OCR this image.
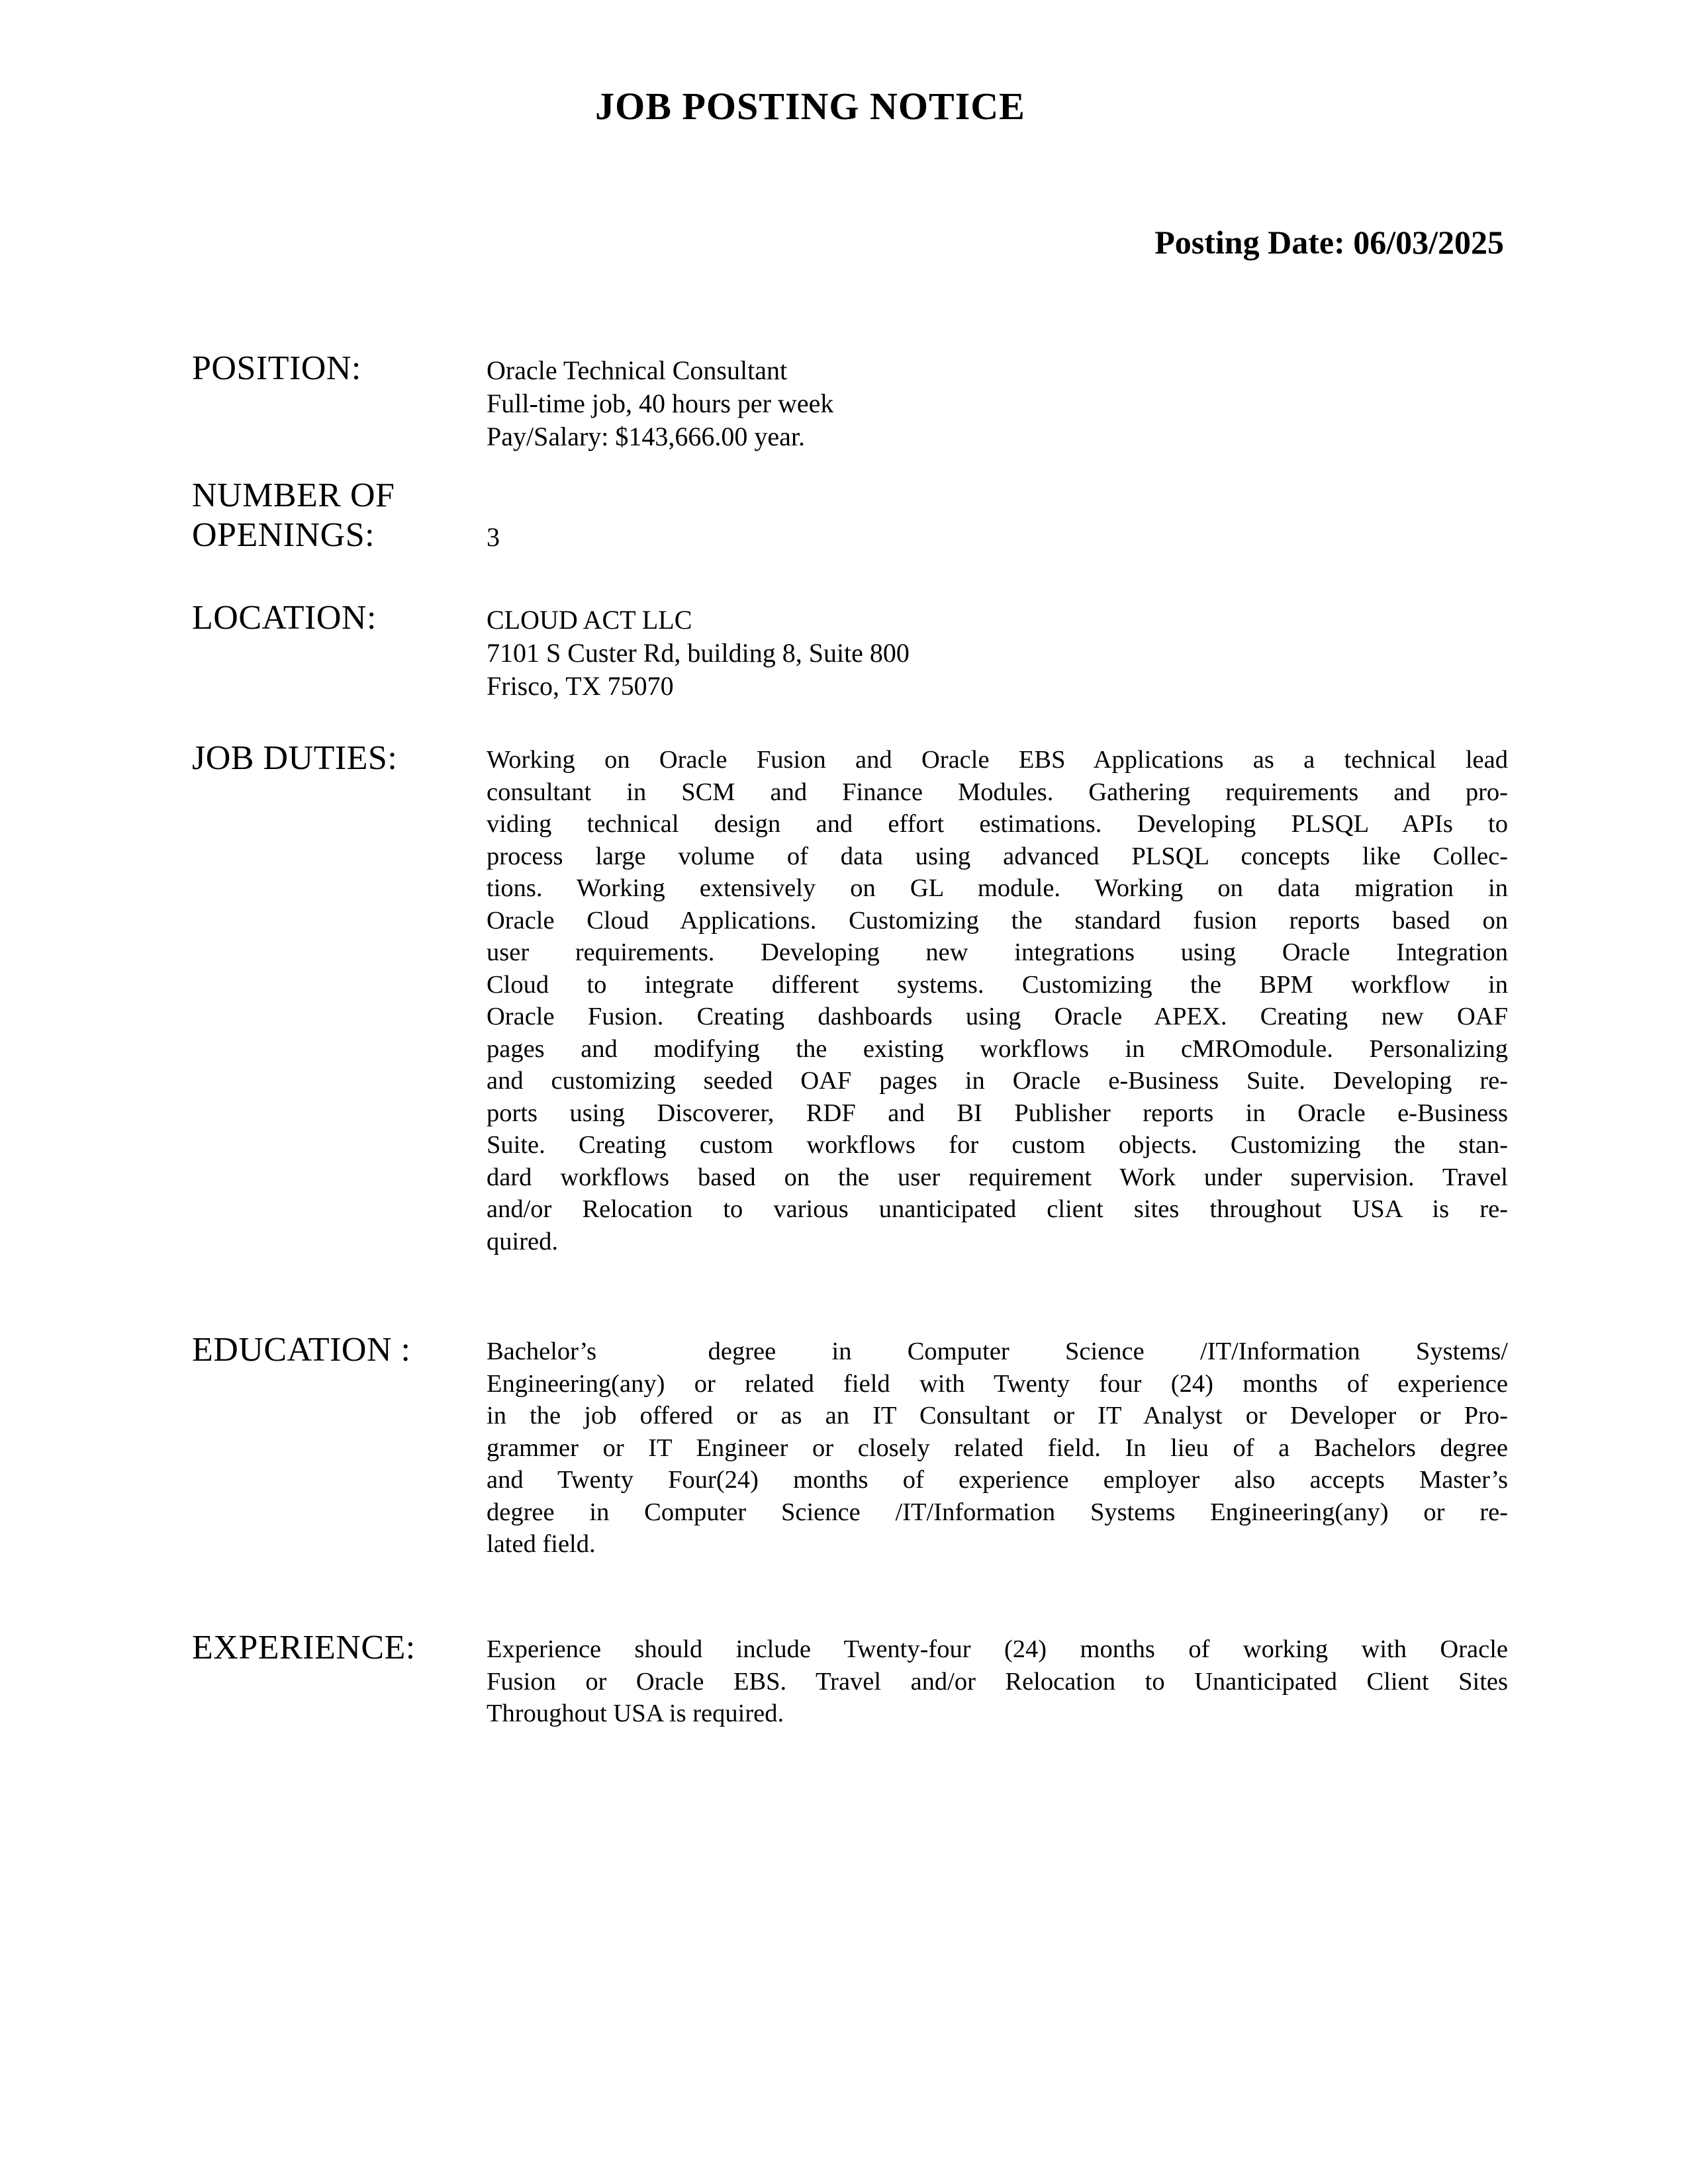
JOB POSTING NOTICE
Posting Date: 06/03/2025
POSITION:	Oracle Technical Consultant
Full-time job, 40 hours per week
Pay/Salary: $143,666.00 year.
NUMBER OF
OPENINGS:	3
LOCATION:	CLOUD ACT LLC
7101 S Custer Rd, building 8, Suite 800
Frisco, TX 75070
JOB DUTIES:	Working on Oracle Fusion and Oracle EBS Applications as a technical lead
consultant in SCM and Finance Modules. Gathering requirements and pro-
viding technical design and effort estimations. Developing PLSQL APIs to
process large volume of data using advanced PLSQL concepts like Collec-
tions. Working extensively on GL module. Working on data migration in
Oracle Cloud Applications. Customizing the standard fusion reports based on
user requirements. Developing new integrations using Oracle Integration
Cloud to integrate different systems. Customizing the BPM workflow in
Oracle Fusion. Creating dashboards using Oracle APEX. Creating new OAF
pages and modifying the existing workflows in cMROmodule. Personalizing
and customizing seeded OAF pages in Oracle e-Business Suite. Developing re-
ports using Discoverer, RDF and BI Publisher reports in Oracle e-Business
Suite. Creating custom workflows for custom objects. Customizing the stan-
dard workflows based on the user requirement Work under supervision. Travel
and/or Relocation to various unanticipated client sites throughout USA is re-
quired.
EDUCATION :	Bachelor’s  degree in Computer Science /IT/Information Systems/
Engineering(any) or related field with Twenty four (24) months of experience
in the job offered or as an IT Consultant or IT Analyst or Developer or Pro-
grammer or IT Engineer or closely related field. In lieu of a Bachelors degree
and Twenty Four(24) months of experience employer also accepts Master’s
degree in Computer Science /IT/Information Systems Engineering(any) or re-
lated field.
EXPERIENCE:	Experience should include Twenty-four (24) months of working with Oracle
Fusion or Oracle EBS. Travel and/or Relocation to Unanticipated Client Sites
Throughout USA is required.
